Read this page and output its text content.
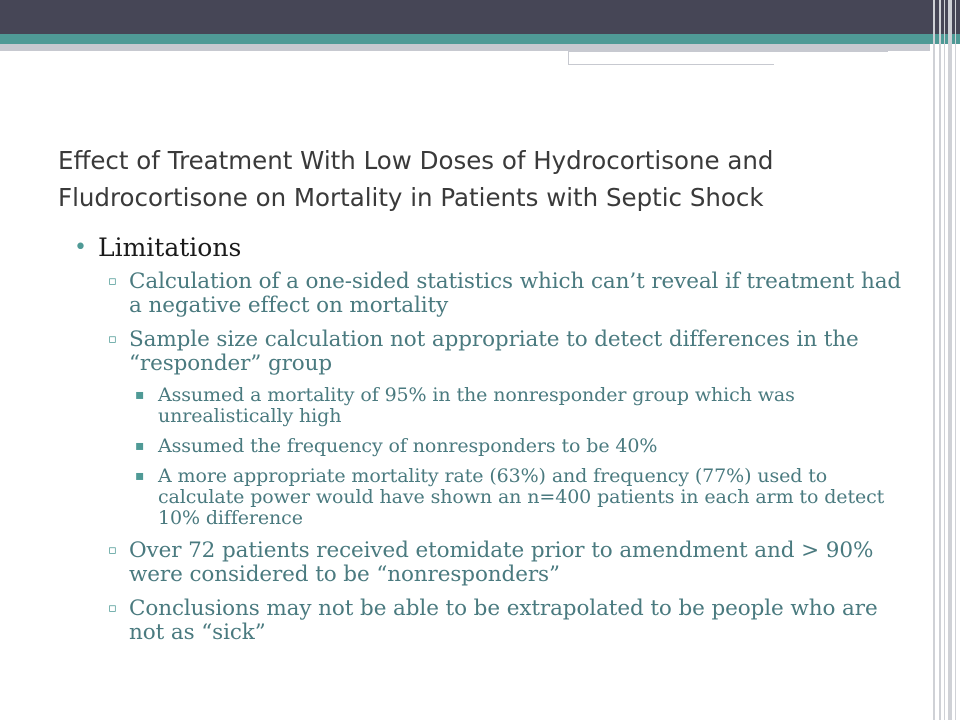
Effect of Treatment With Low Doses of Hydrocortisone and
Fludrocortisone on Mortality in Patients with Septic Shock
• Limitations
▫ Calculation of a one-sided statistics which can’t reveal if treatment had a negative effect on mortality
▫ Sample size calculation not appropriate to detect differences in the “responder” group
▪ Assumed a mortality of 95% in the nonresponder group which was unrealistically high
▪ Assumed the frequency of nonresponders to be 40%
▪ A more appropriate mortality rate (63%) and frequency (77%) used to calculate power would have shown an n=400 patients in each arm to detect 10% difference
▫ Over 72 patients received etomidate prior to amendment and > 90% were considered to be “nonresponders”
▫ Conclusions may not be able to be extrapolated to be people who are not as “sick”
